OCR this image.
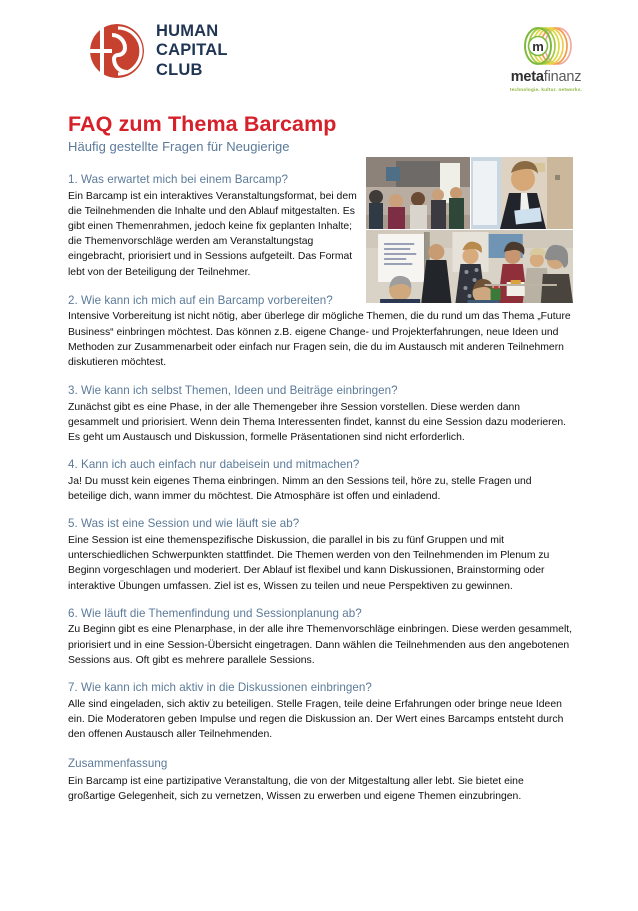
HUMAN
CAPITAL
CLUB
m
metafinanz
technologie. kultur. networks.
FAQ zum Thema Barcamp

Häufig gestellte Fragen für Neugierige

1. Was erwartet mich bei einem Barcamp?

Ein Barcamp ist ein interaktives Veranstaltungsformat, bei dem die Teilnehmenden die Inhalte und den Ablauf mitgestalten. Es gibt einen Themenrahmen, jedoch keine fix geplanten Inhalte; die Themenvorschläge werden am Veranstaltungstag eingebracht, priorisiert und in Sessions aufgeteilt. Das Format lebt von der Beteiligung der Teilnehmer.

2. Wie kann ich mich auf ein Barcamp vorbereiten?

Intensive Vorbereitung ist nicht nötig, aber überlege dir mögliche Themen, die du rund um das Thema „Future Business“ einbringen möchtest. Das können z.B. eigene Change- und Projekterfahrungen, neue Ideen und Methoden zur Zusammenarbeit oder einfach nur Fragen sein, die du im Austausch mit anderen Teilnehmern diskutieren möchtest.

3. Wie kann ich selbst Themen, Ideen und Beiträge einbringen?

Zunächst gibt es eine Phase, in der alle Themengeber ihre Session vorstellen. Diese werden dann gesammelt und priorisiert. Wenn dein Thema Interessenten findet, kannst du eine Session dazu moderieren. Es geht um Austausch und Diskussion, formelle Präsentationen sind nicht erforderlich.

4. Kann ich auch einfach nur dabeisein und mitmachen?

Ja! Du musst kein eigenes Thema einbringen. Nimm an den Sessions teil, höre zu, stelle Fragen und beteilige dich, wann immer du möchtest. Die Atmosphäre ist offen und einladend.

5. Was ist eine Session und wie läuft sie ab?

Eine Session ist eine themenspezifische Diskussion, die parallel in bis zu fünf Gruppen und mit unterschiedlichen Schwerpunkten stattfindet. Die Themen werden von den Teilnehmenden im Plenum zu Beginn vorgeschlagen und moderiert. Der Ablauf ist flexibel und kann Diskussionen, Brainstorming oder interaktive Übungen umfassen. Ziel ist es, Wissen zu teilen und neue Perspektiven zu gewinnen.

6. Wie läuft die Themenfindung und Sessionplanung ab?

Zu Beginn gibt es eine Plenarphase, in der alle ihre Themenvorschläge einbringen. Diese werden gesammelt, priorisiert und in eine Session-Übersicht eingetragen. Dann wählen die Teilnehmenden aus den angebotenen Sessions aus. Oft gibt es mehrere parallele Sessions.

7. Wie kann ich mich aktiv in die Diskussionen einbringen?

Alle sind eingeladen, sich aktiv zu beteiligen. Stelle Fragen, teile deine Erfahrungen oder bringe neue Ideen ein. Die Moderatoren geben Impulse und regen die Diskussion an. Der Wert eines Barcamps entsteht durch den offenen Austausch aller Teilnehmenden.

Zusammenfassung

Ein Barcamp ist eine partizipative Veranstaltung, die von der Mitgestaltung aller lebt. Sie bietet eine großartige Gelegenheit, sich zu vernetzen, Wissen zu erwerben und eigene Themen einzubringen.
